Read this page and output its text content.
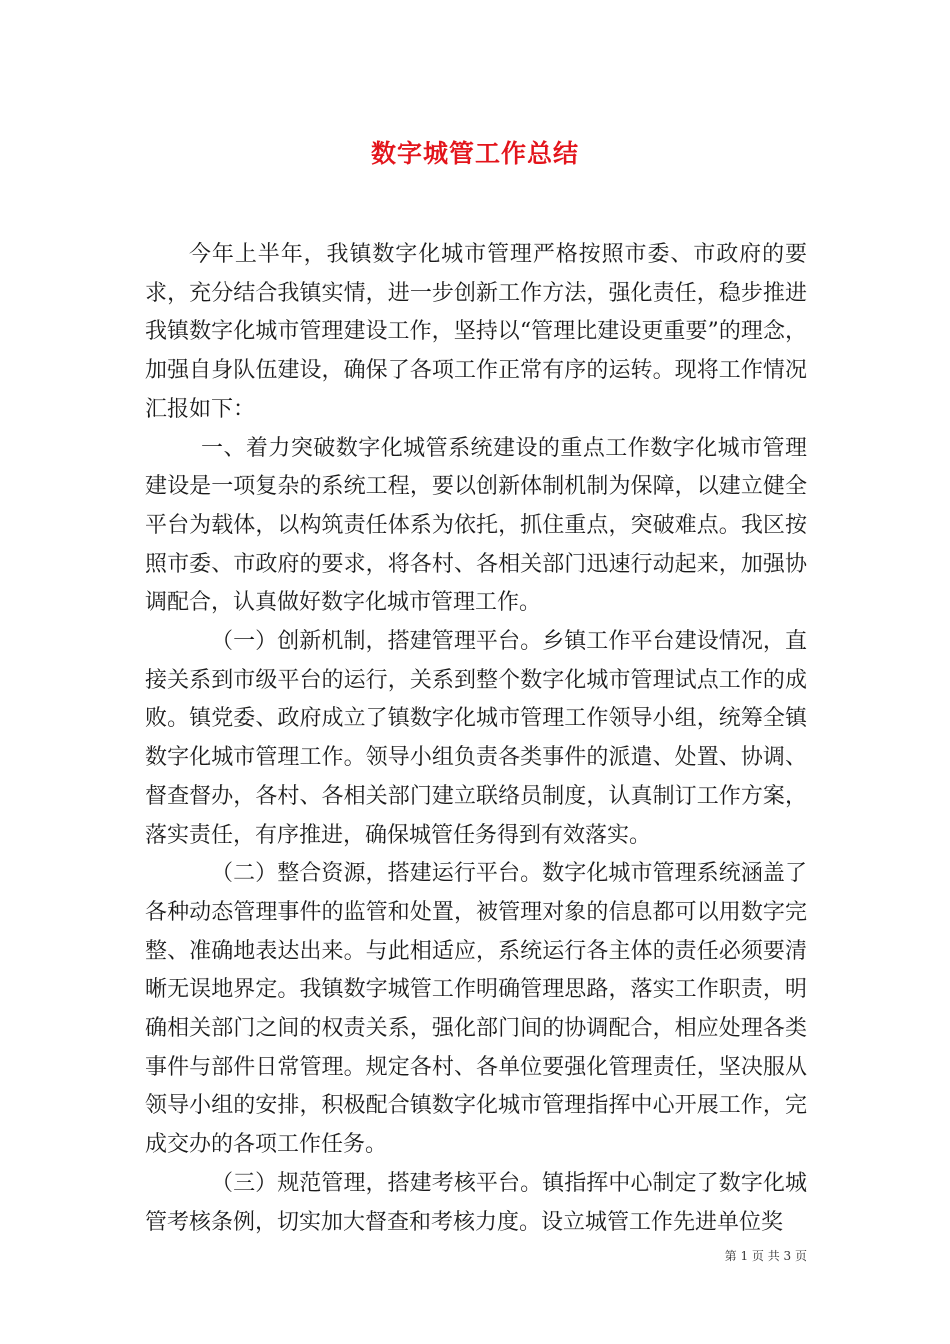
数字城管工作总结

今年上半年，我镇数字化城市管理严格按照市委、市政府的要求，充分结合我镇实情，进一步创新工作方法，强化责任，稳步推进我镇数字化城市管理建设工作，坚持以“管理比建设更重要”的理念，加强自身队伍建设，确保了各项工作正常有序的运转。现将工作情况汇报如下：

一、着力突破数字化城管系统建设的重点工作数字化城市管理建设是一项复杂的系统工程，要以创新体制机制为保障，以建立健全平台为载体，以构筑责任体系为依托，抓住重点，突破难点。我区按照市委、市政府的要求，将各村、各相关部门迅速行动起来，加强协调配合，认真做好数字化城市管理工作。

（一）创新机制，搭建管理平台。乡镇工作平台建设情况，直接关系到市级平台的运行，关系到整个数字化城市管理试点工作的成败。镇党委、政府成立了镇数字化城市管理工作领导小组，统筹全镇数字化城市管理工作。领导小组负责各类事件的派遣、处置、协调、督查督办，各村、各相关部门建立联络员制度，认真制订工作方案，落实责任，有序推进，确保城管任务得到有效落实。

（二）整合资源，搭建运行平台。数字化城市管理系统涵盖了各种动态管理事件的监管和处置，被管理对象的信息都可以用数字完整、准确地表达出来。与此相适应，系统运行各主体的责任必须要清晰无误地界定。我镇数字城管工作明确管理思路，落实工作职责，明确相关部门之间的权责关系，强化部门间的协调配合，相应处理各类事件与部件日常管理。规定各村、各单位要强化管理责任，坚决服从领导小组的安排，积极配合镇数字化城市管理指挥中心开展工作，完成交办的各项工作任务。

（三）规范管理，搭建考核平台。镇指挥中心制定了数字化城管考核条例，切实加大督查和考核力度。设立城管工作先进单位奖

第 1 页 共 3 页
